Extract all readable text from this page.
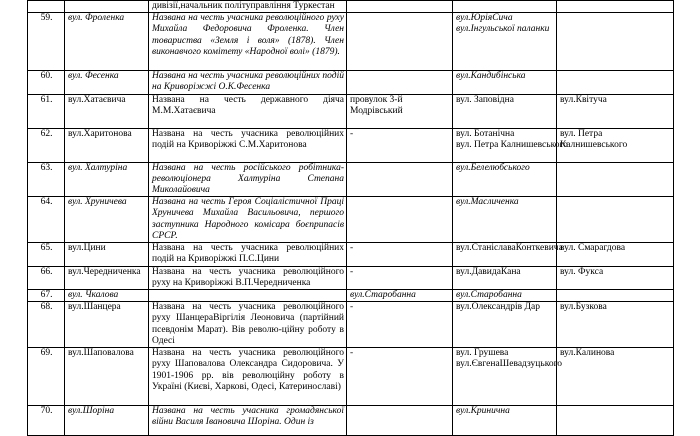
		дивізії,начальник політуправління Туркестан			
59.	вул. Фроленка	Названа на честь учасника революційного руху Михайла Федоровича Фроленка. Член товариства «Земля і воля» (1878). Член виконавчого комітету «Народної волі» (1879).		вул.ЮріяСича
вул.Інгульської паланки	

60.	вул. Фесенка	Названа на честь учасника революційних подій на Криворіжжі О.К.Фесенка		вул.Кандибінська	
61.	вул.Хатаєвича	Названа на честь державного діяча М.М.Хатаєвича	провулок 3-й Модрівський	вул. Заповідна	вул.Квітуча
62.	вул.Харитонова	Названа на честь учасника революційних подій на Криворіжжі С.М.Харитонова	-	вул. Ботанічна
вул. Петра Калнишевського	вул. Петра Калнишевського
63.	вул. Халтуріна	Названа на честь російського робітника-революціонера Халтуріна Степана Миколайовича		вул.Белелюбського	
64.	вул. Хруничева	Названа на честь Героя Соціалістичної Праці Хруничева Михайла Васильовича, першого заступника Народного комісара боєприпасів СРСР.		вул.Масличенка	
65.	вул.Цини	Названа на честь учасника революційних подій на Криворіжжі П.С.Цини	-	вул.СтаніславаКонткевича	вул. Смарагдова
66.	вул.Чередниченка	Названа на честь учасника революційного руху на Криворіжжі В.П.Чередниченка	-	вул.ДавидаКана	вул. Фукса
67.	вул. Чкалова		вул.Старобанна	вул.Старобанна	
68.	вул.Шанцера	Названа на честь учасника революційного руху ШанцераВіргілія Леоновича (партійний псевдонім Марат). Вів револю-ційну роботу в Одесі	-	вул.Олександрів Дар	вул.Бузкова
69.	вул.Шаповалова	Названа на честь учасника революційного руху Шаповалова Олександра Сидоровича. У 1901-1906 рр. вів революційну роботу в Україні (Києві, Харкові, Одесі, Катеринославі)	-	вул. Грушева
вул.ЄвгенаШевадзуцького	вул.Калинова
70.	вул.Шоріна	Названа на честь учасника громадянської війни Василя Івановича Шоріна. Один із		вул.Кринична	
